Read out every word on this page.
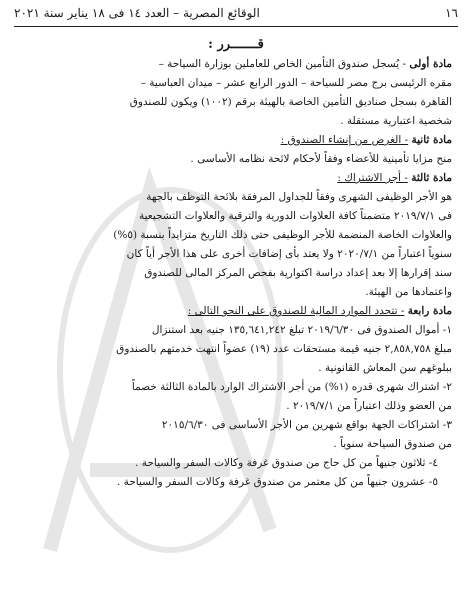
١٦
الوقائع المصرية – العدد ١٤ فى ١٨ يناير سنة ٢٠٢١
قـــــــرر :

مادة أولى - يُسجل صندوق التأمين الخاص للعاملين بوزارة السياحة –

مقره الرئيسى برج مصر للسياحة – الدور الرابع عشر – ميدان العباسية –

القاهرة بسجل صناديق التأمين الخاصة بالهيئة برقم (١٠٠٢) ويكون للصندوق

شخصية اعتبارية مستقلة .

مادة ثانية - الغرض من إنشاء الصندوق :

منح مزايا تأمينية للأعضاء وفقاً لأحكام لائحة نظامه الأساسى .

مادة ثالثة - أجر الاشتراك :

هو الأجر الوظيفى الشهرى وفقاً للجداول المرفقة بلائحة التوظف بالجهة

فى ٢٠١٩/٧/١ متضمناً كافة العلاوات الدورية والترقية والعلاوات التشجيعية

والعلاوات الخاصة المنضمة للأجر الوظيفى حتى ذلك التاريخ متزايداً بنسبة (٥%)

سنوياً اعتباراً من ٢٠٢٠/٧/١ ولا يعتد بأى إضافات أخرى على هذا الأجر أياً كان

سند إقرارها إلا بعد إعداد دراسة اكتوارية بفحص المركز المالى للصندوق

واعتمادها من الهيئة.

مادة رابعة - تتحدد الموارد المالية للصندوق على النحو التالى :

١- أموال الصندوق فى ٢٠١٩/٦/٣٠ تبلغ ١٣٥,٦٤١,٢٤٢ جنيه بعد استنزال

مبلغ ٢,٨٥٨,٧٥٨ جنيه قيمة مستحقات عدد (١٩) عضواً انتهت خدمتهم بالصندوق

ببلوغهم سن المعاش القانونية .

٢- اشتراك شهرى قدره (١%) من أجر الاشتراك الوارد بالمادة الثالثة خصماً

من العضو وذلك اعتباراً من ٢٠١٩/٧/١ .

٣- اشتراكات الجهة بواقع شهرين من الأجر الأساسى فى ٢٠١٥/٦/٣٠

من صندوق السياحة سنوياً .

٤- ثلاثون جنيهاً من كل حاج من صندوق غرفة وكالات السفر والسياحة .

٥- عشرون جنيهاً من كل معتمر من صندوق غرفة وكالات السفر والسياحة .
